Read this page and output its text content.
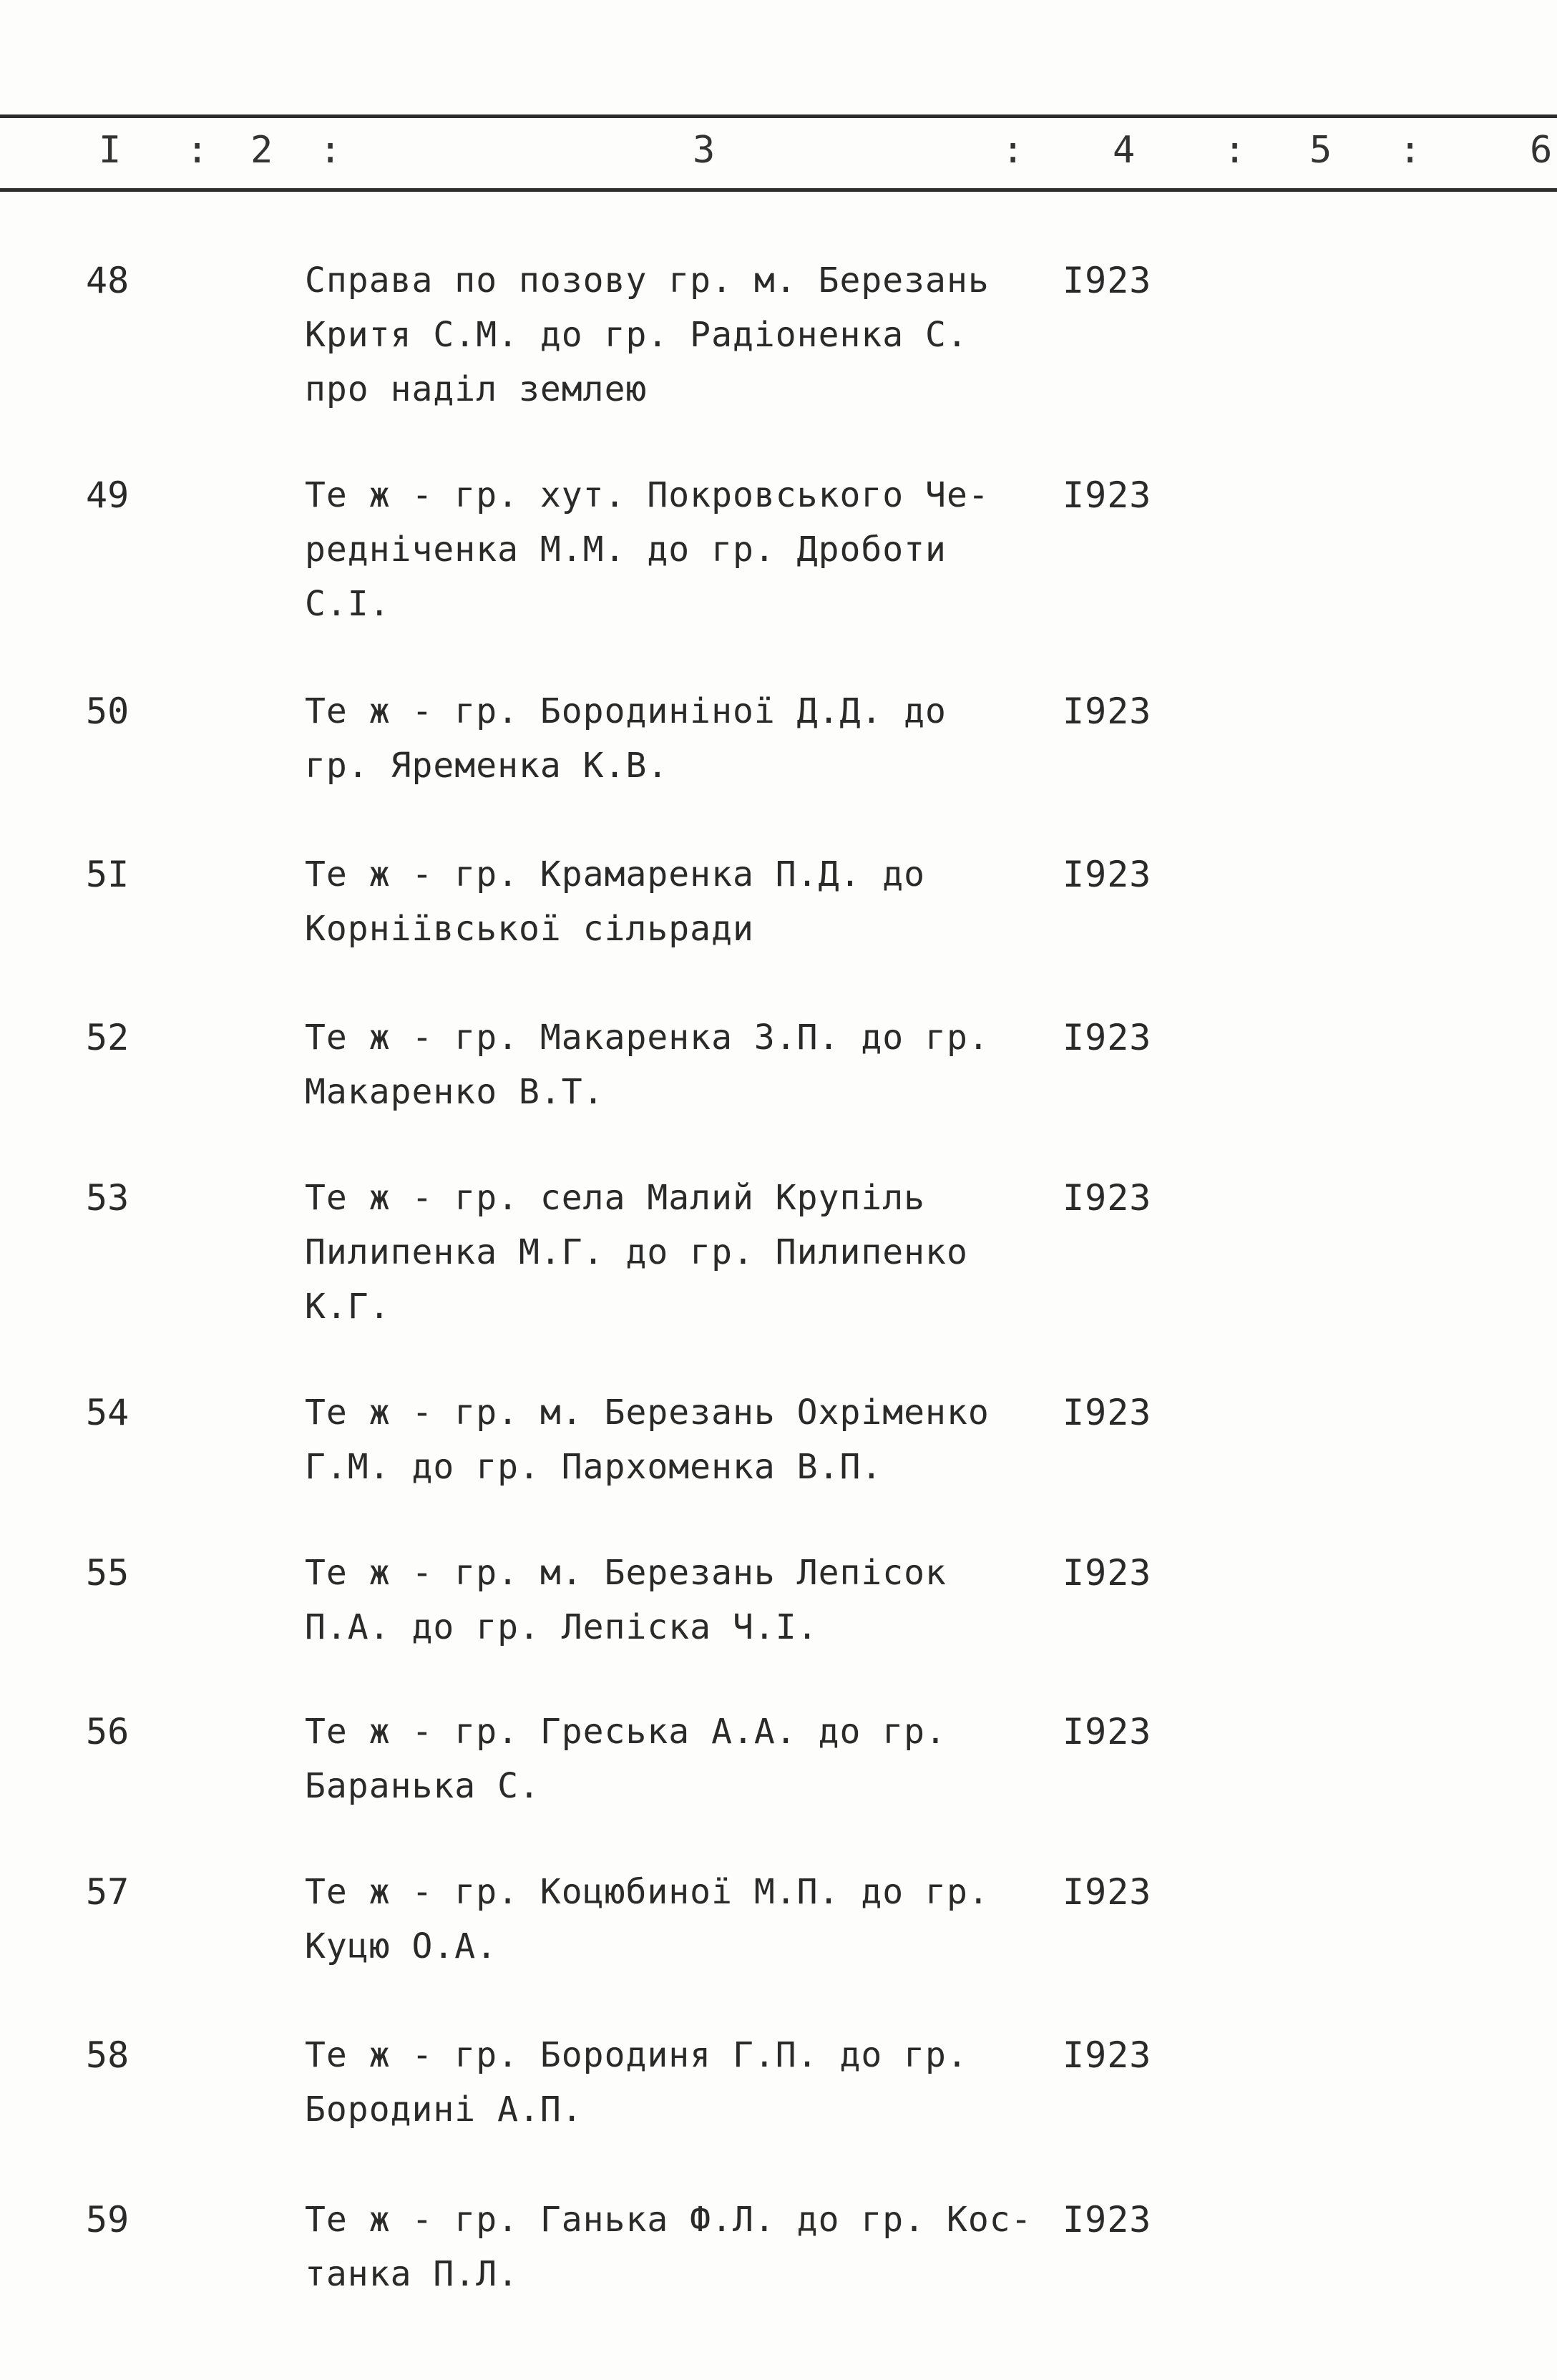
I : 2 :	3	: 4 : 5 :	6
48	Справа по позову гр. м. Березань
Критя С.М. до гр. Радіоненка С.
про наділ землею
I923
49	Те ж - гр. хут. Покровського Че-
редніченка М.М. до гр. Дроботи
С.І.
I923
50	Те ж - гр. Бородиніної Д.Д. до
гр. Яременка К.В.
I923
5I	Те ж - гр. Крамаренка П.Д. до
Корніївської сільради
I923
52	Те ж - гр. Макаренка З.П. до гр.
Макаренко В.Т.
I923
53	Те ж - гр. села Малий Крупіль
Пилипенка М.Г. до гр. Пилипенко
К.Г.
I923
54	Те ж - гр. м. Березань Охріменко
Г.М. до гр. Пархоменка В.П.
I923
55	Те ж - гр. м. Березань Лепісок
П.А. до гр. Лепіска Ч.І.
I923
56	Те ж - гр. Греська А.А. до гр.
Баранька С.
I923
57	Те ж - гр. Коцюбиної М.П. до гр.
Куцю О.А.
I923
58	Те ж - гр. Бородиня Г.П. до гр.
Бородині А.П.
I923
59	Те ж - гр. Ганька Ф.Л. до гр. Кос-
танка П.Л.
I923
